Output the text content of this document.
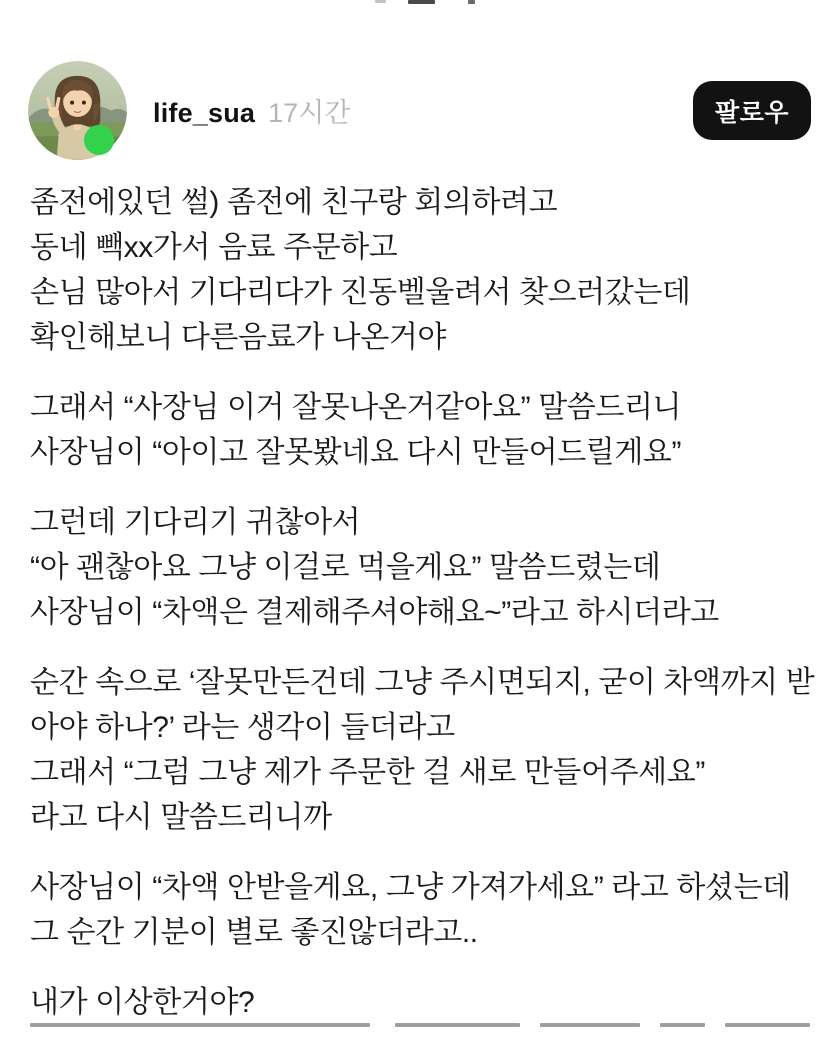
life_sua 17시간	팔로우
좀전에있던 썰) 좀전에 친구랑 회의하려고
동네 빽xx가서 음료 주문하고
손님 많아서 기다리다가 진동벨울려서 찾으러갔는데
확인해보니 다른음료가 나온거야
그래서 “사장님 이거 잘못나온거같아요” 말씀드리니
사장님이 “아이고 잘못봤네요 다시 만들어드릴게요”
그런데 기다리기 귀찮아서
“아 괜찮아요 그냥 이걸로 먹을게요” 말씀드렸는데
사장님이 “차액은 결제해주셔야해요~”라고 하시더라고
순간 속으로 ‘잘못만든건데 그냥 주시면되지, 굳이 차액까지 받
아야 하나?’ 라는 생각이 들더라고
그래서 “그럼 그냥 제가 주문한 걸 새로 만들어주세요”
라고 다시 말씀드리니까
사장님이 “차액 안받을게요, 그냥 가져가세요” 라고 하셨는데
그 순간 기분이 별로 좋진않더라고..
내가 이상한거야?
